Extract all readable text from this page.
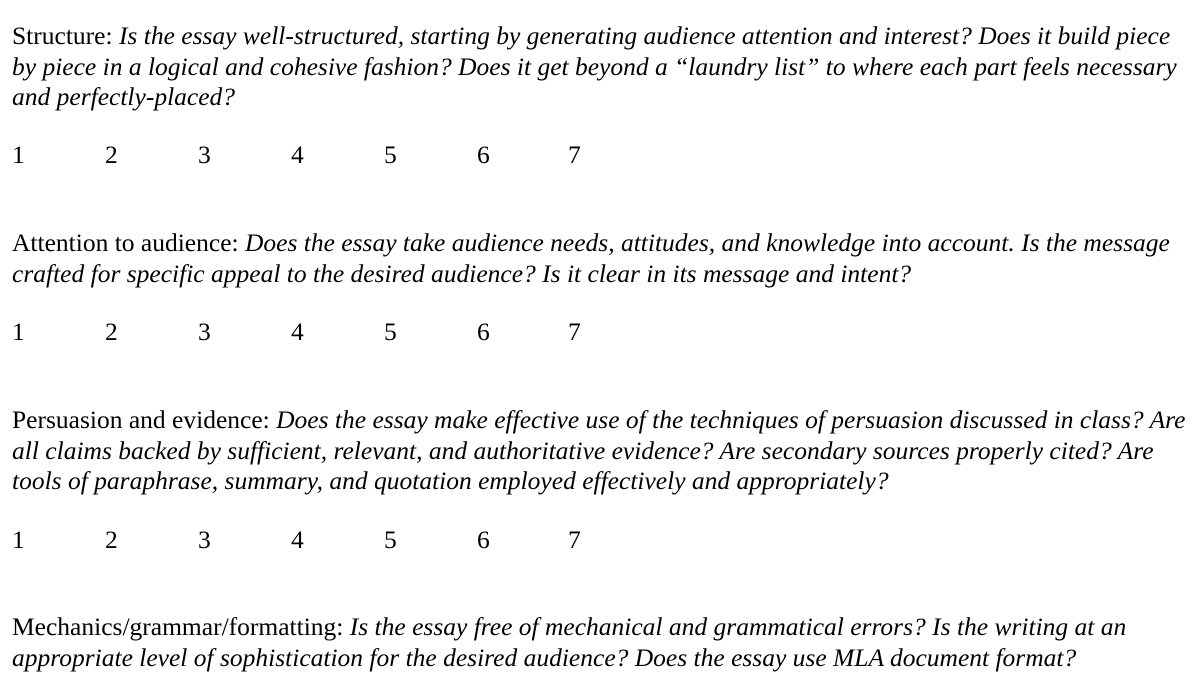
Structure: Is the essay well-structured, starting by generating audience attention and interest? Does it build piece by piece in a logical and cohesive fashion? Does it get beyond a “laundry list” to where each part feels necessary and perfectly-placed?

1	2	3	4	5	6	7

Attention to audience: Does the essay take audience needs, attitudes, and knowledge into account. Is the message crafted for specific appeal to the desired audience? Is it clear in its message and intent?

1	2	3	4	5	6	7

Persuasion and evidence: Does the essay make effective use of the techniques of persuasion discussed in class? Are all claims backed by sufficient, relevant, and authoritative evidence? Are secondary sources properly cited? Are tools of paraphrase, summary, and quotation employed effectively and appropriately?

1	2	3	4	5	6	7

Mechanics/grammar/formatting: Is the essay free of mechanical and grammatical errors? Is the writing at an appropriate level of sophistication for the desired audience? Does the essay use MLA document format?
